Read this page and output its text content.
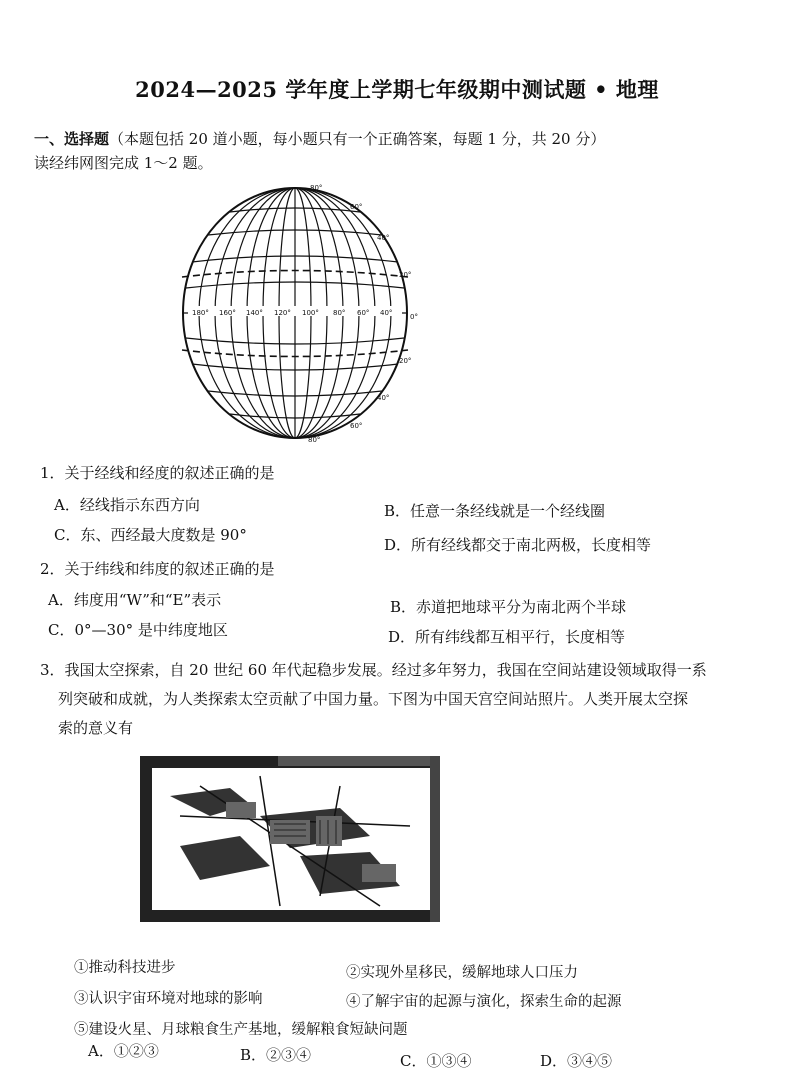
2024—2025 学年度上学期七年级期中测试题 • 地理
一、选择题（本题包括 20 道小题，每小题只有一个正确答案，每题 1 分，共 20 分）
读经纬网图完成 1～2 题。
180° 160° 140° 120° 100° 80° 60° 40°
80°
60°
40°
20°
0°
20°
40°
60°
80°
1．关于经线和经度的叙述正确的是
A．经线指示东西方向	B．任意一条经线就是一个经线圈
C．东、西经最大度数是 90°
D．所有经线都交于南北两极，长度相等
2．关于纬线和纬度的叙述正确的是
A．纬度用“W”和“E”表示	B．赤道把地球平分为南北两个半球
C．0°—30° 是中纬度地区	D．所有纬线都互相平行，长度相等
3．我国太空探索，自 20 世纪 60 年代起稳步发展。经过多年努力，我国在空间站建设领域取得一系
列突破和成就，为人类探索太空贡献了中国力量。下图为中国天宫空间站照片。人类开展太空探
索的意义有
①推动科技进步	②实现外星移民，缓解地球人口压力
③认识宇宙环境对地球的影响	④了解宇宙的起源与演化，探索生命的起源
⑤建设火星、月球粮食生产基地，缓解粮食短缺问题
A．①②③	B．②③④	C．①③④	D．③④⑤
